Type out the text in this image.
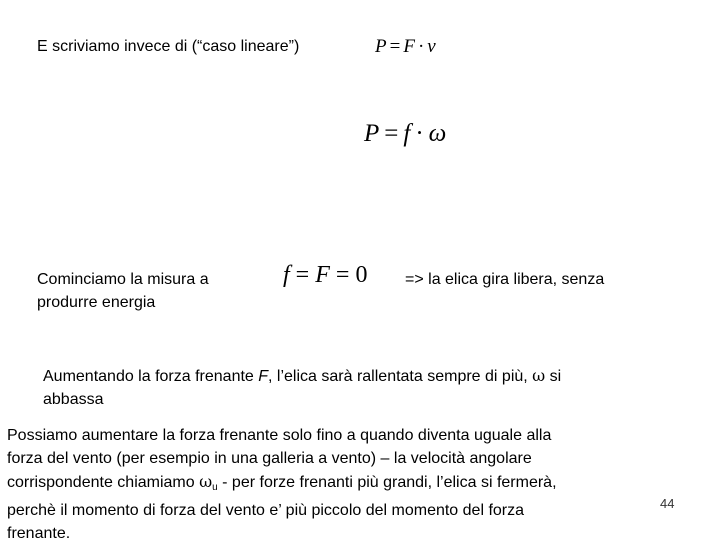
E scriviamo invece di (“caso lineare”)	P = F · v
P = f · ω
Cominciamo la misura a
produrre energia
f = F = 0 => la elica gira libera, senza
Aumentando la forza frenante F, l’elica sarà rallentata sempre di più, ω si
abbassa
Possiamo aumentare la forza frenante solo fino a quando diventa uguale alla
forza del vento (per esempio in una galleria a vento) – la velocità angolare
corrispondente chiamiamo $\omega_u$ - per forze frenanti più grandi, l’elica si fermerà,
perchè il momento di forza del vento e’ più piccolo del momento del forza
frenante.
44
